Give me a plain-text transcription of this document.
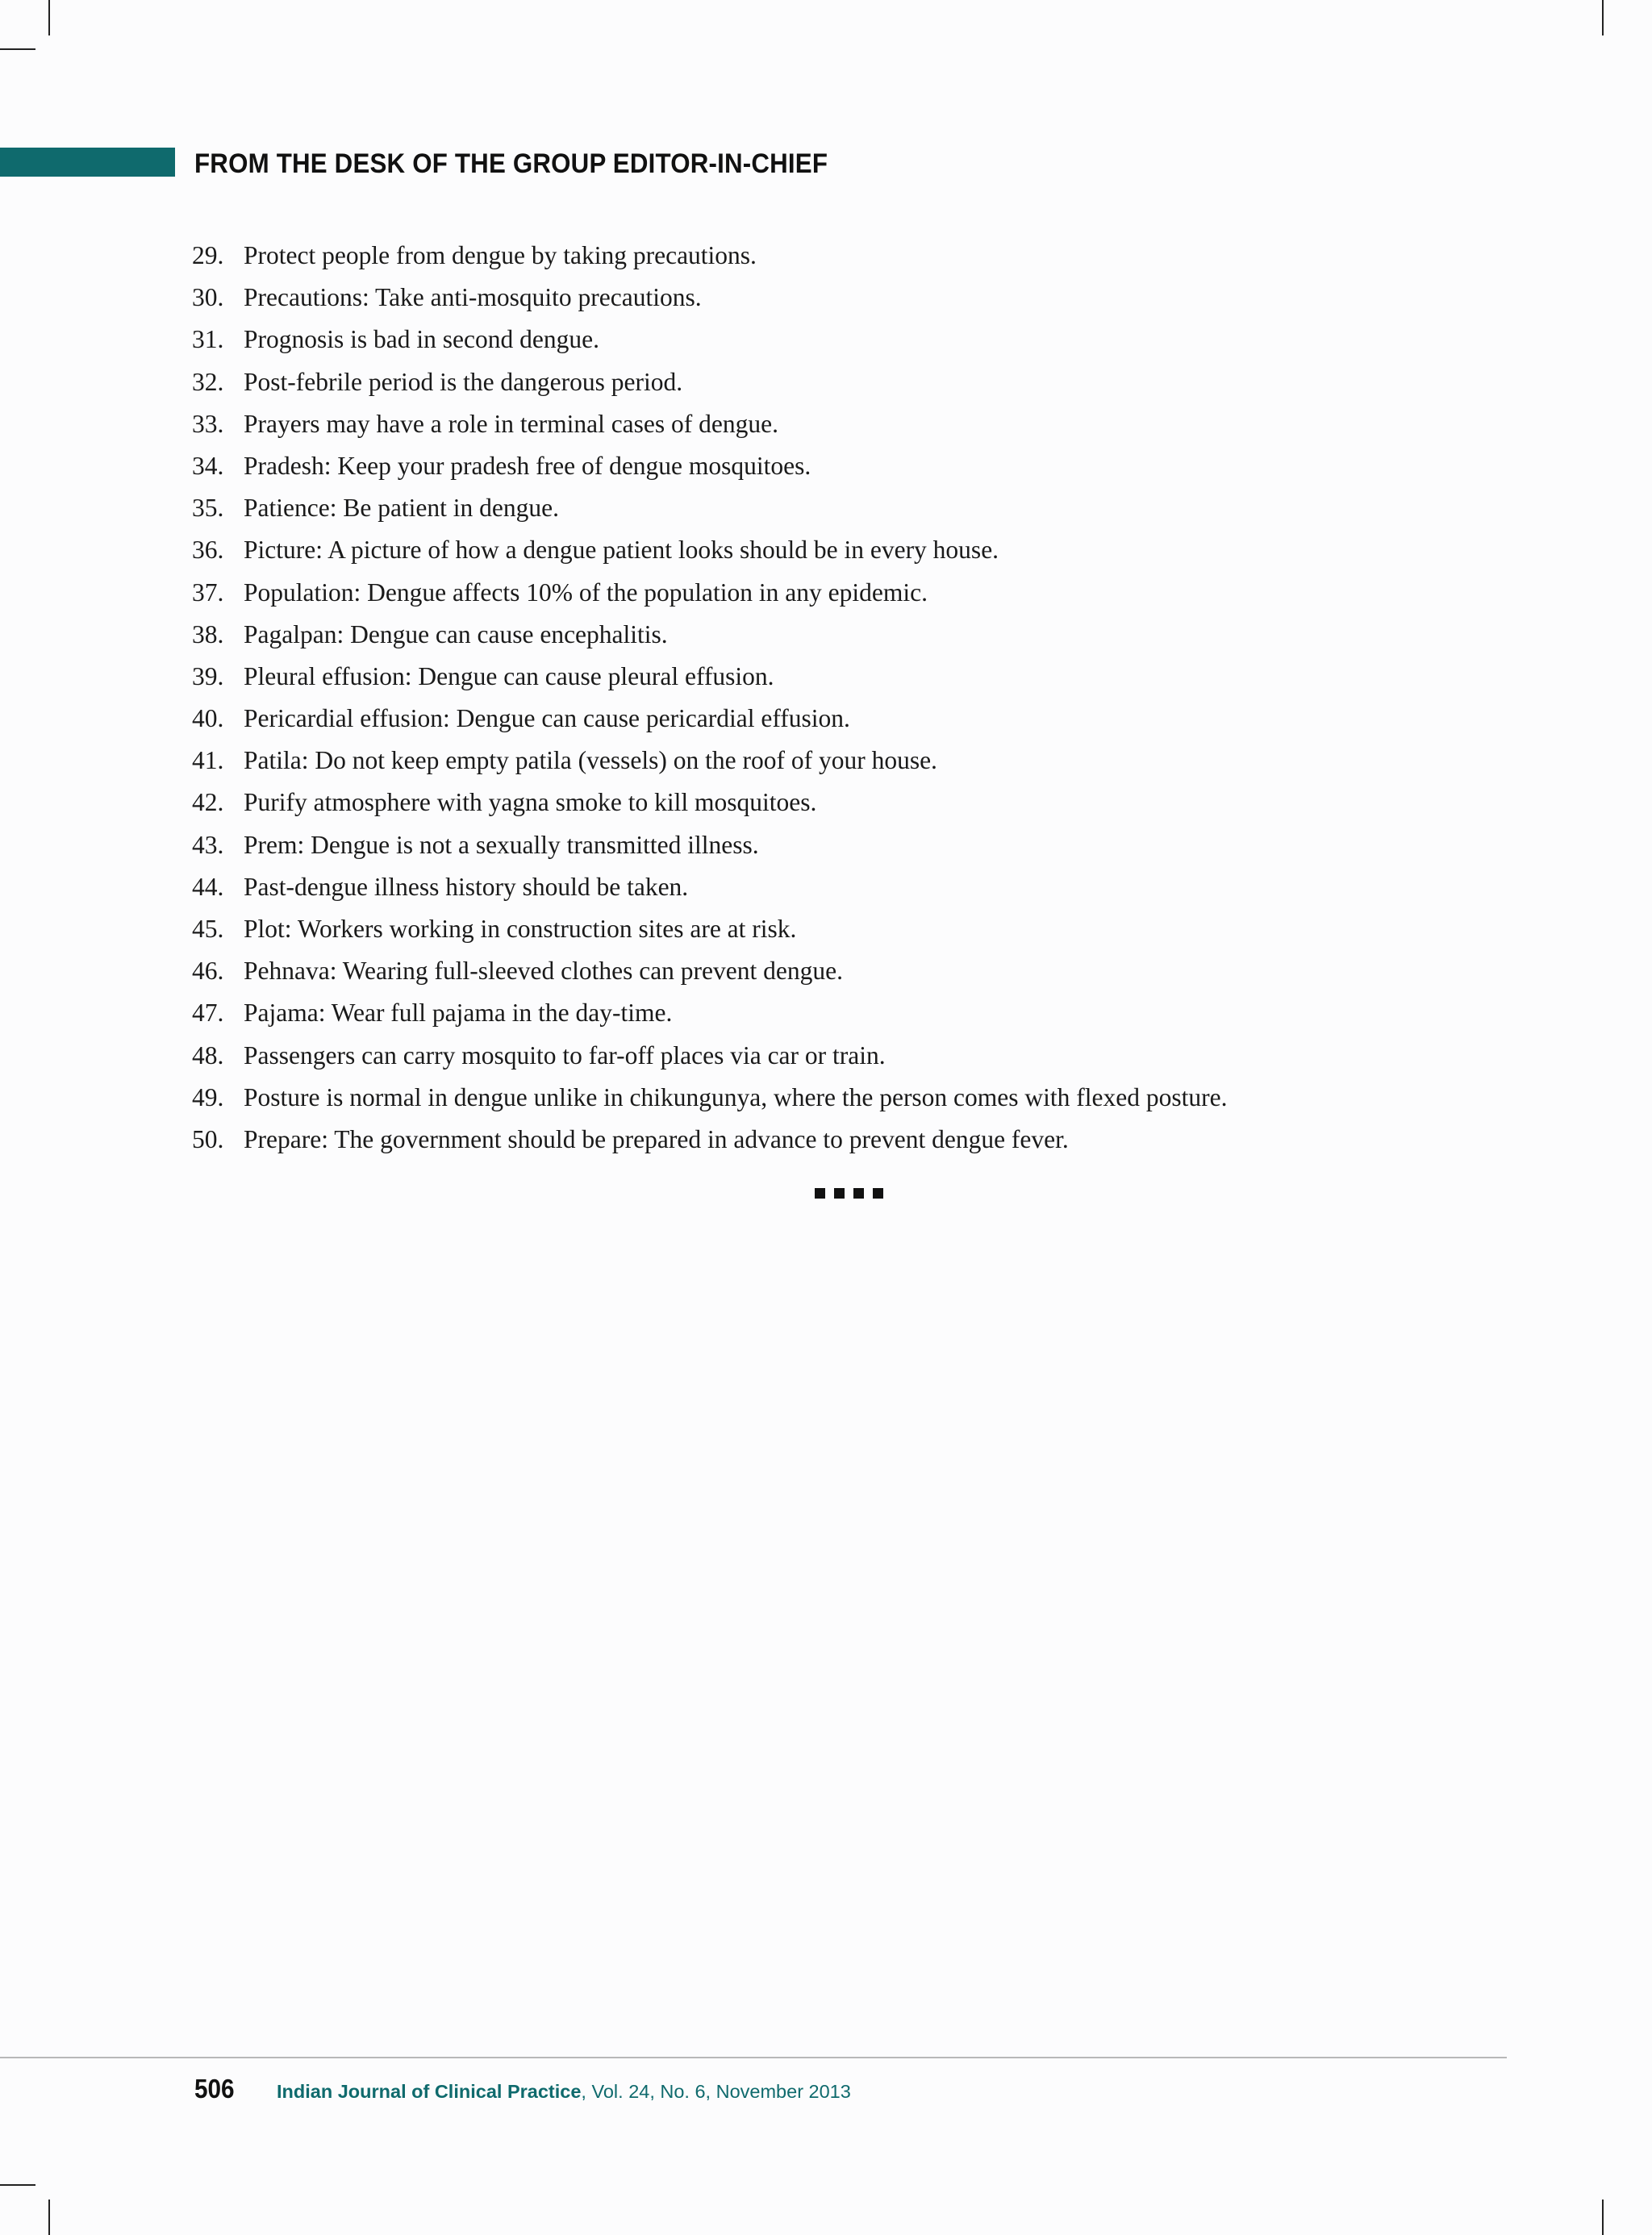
FROM THE DESK OF THE GROUP EDITOR-IN-CHIEF
29. Protect people from dengue by taking precautions.
30. Precautions: Take anti-mosquito precautions.
31. Prognosis is bad in second dengue.
32. Post-febrile period is the dangerous period.
33. Prayers may have a role in terminal cases of dengue.
34. Pradesh: Keep your pradesh free of dengue mosquitoes.
35. Patience: Be patient in dengue.
36. Picture: A picture of how a dengue patient looks should be in every house.
37. Population: Dengue affects 10% of the population in any epidemic.
38. Pagalpan: Dengue can cause encephalitis.
39. Pleural effusion: Dengue can cause pleural effusion.
40. Pericardial effusion: Dengue can cause pericardial effusion.
41. Patila: Do not keep empty patila (vessels) on the roof of your house.
42. Purify atmosphere with yagna smoke to kill mosquitoes.
43. Prem: Dengue is not a sexually transmitted illness.
44. Past-dengue illness history should be taken.
45. Plot: Workers working in construction sites are at risk.
46. Pehnava: Wearing full-sleeved clothes can prevent dengue.
47. Pajama: Wear full pajama in the day-time.
48. Passengers can carry mosquito to far-off places via car or train.
49. Posture is normal in dengue unlike in chikungunya, where the person comes with flexed posture.
50. Prepare: The government should be prepared in advance to prevent dengue fever.
506 Indian Journal of Clinical Practice, Vol. 24, No. 6, November 2013
